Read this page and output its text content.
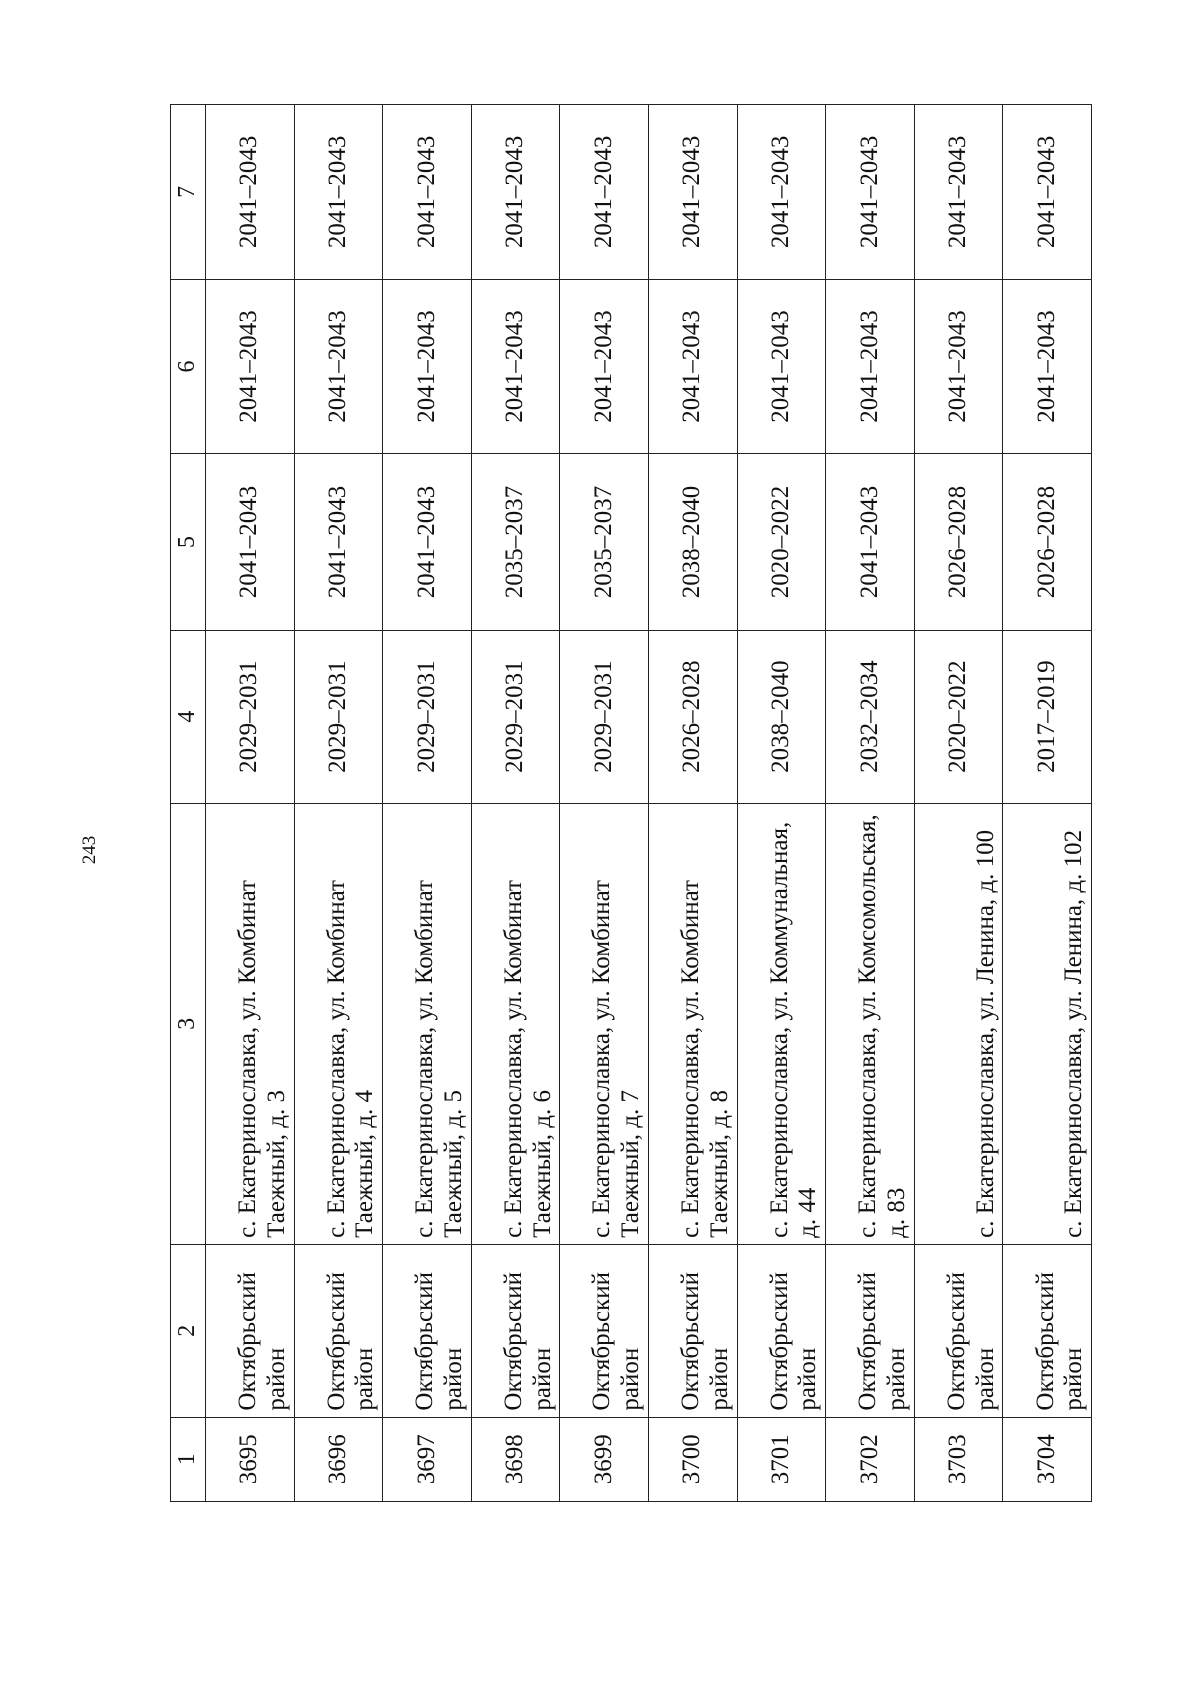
243
1	2	3	4	5	6	7
3695	Октябрьский район	с. Екатеринославка, ул. Комбинат Таежный, д. 3	2029–2031	2041–2043	2041–2043	2041–2043
3696	Октябрьский район	с. Екатеринославка, ул. Комбинат Таежный, д. 4	2029–2031	2041–2043	2041–2043	2041–2043
3697	Октябрьский район	с. Екатеринославка, ул. Комбинат Таежный, д. 5	2029–2031	2041–2043	2041–2043	2041–2043
3698	Октябрьский район	с. Екатеринославка, ул. Комбинат Таежный, д. 6	2029–2031	2035–2037	2041–2043	2041–2043
3699	Октябрьский район	с. Екатеринославка, ул. Комбинат Таежный, д. 7	2029–2031	2035–2037	2041–2043	2041–2043
3700	Октябрьский район	с. Екатеринославка, ул. Комбинат Таежный, д. 8	2026–2028	2038–2040	2041–2043	2041–2043
3701	Октябрьский район	с. Екатеринославка, ул. Коммунальная, д. 44	2038–2040	2020–2022	2041–2043	2041–2043
3702	Октябрьский район	с. Екатеринославка, ул. Комсомольская, д. 83	2032–2034	2041–2043	2041–2043	2041–2043
3703	Октябрьский район	с. Екатеринославка, ул. Ленина, д. 100	2020–2022	2026–2028	2041–2043	2041–2043
3704	Октябрьский район	с. Екатеринославка, ул. Ленина, д. 102	2017–2019	2026–2028	2041–2043	2041–2043
